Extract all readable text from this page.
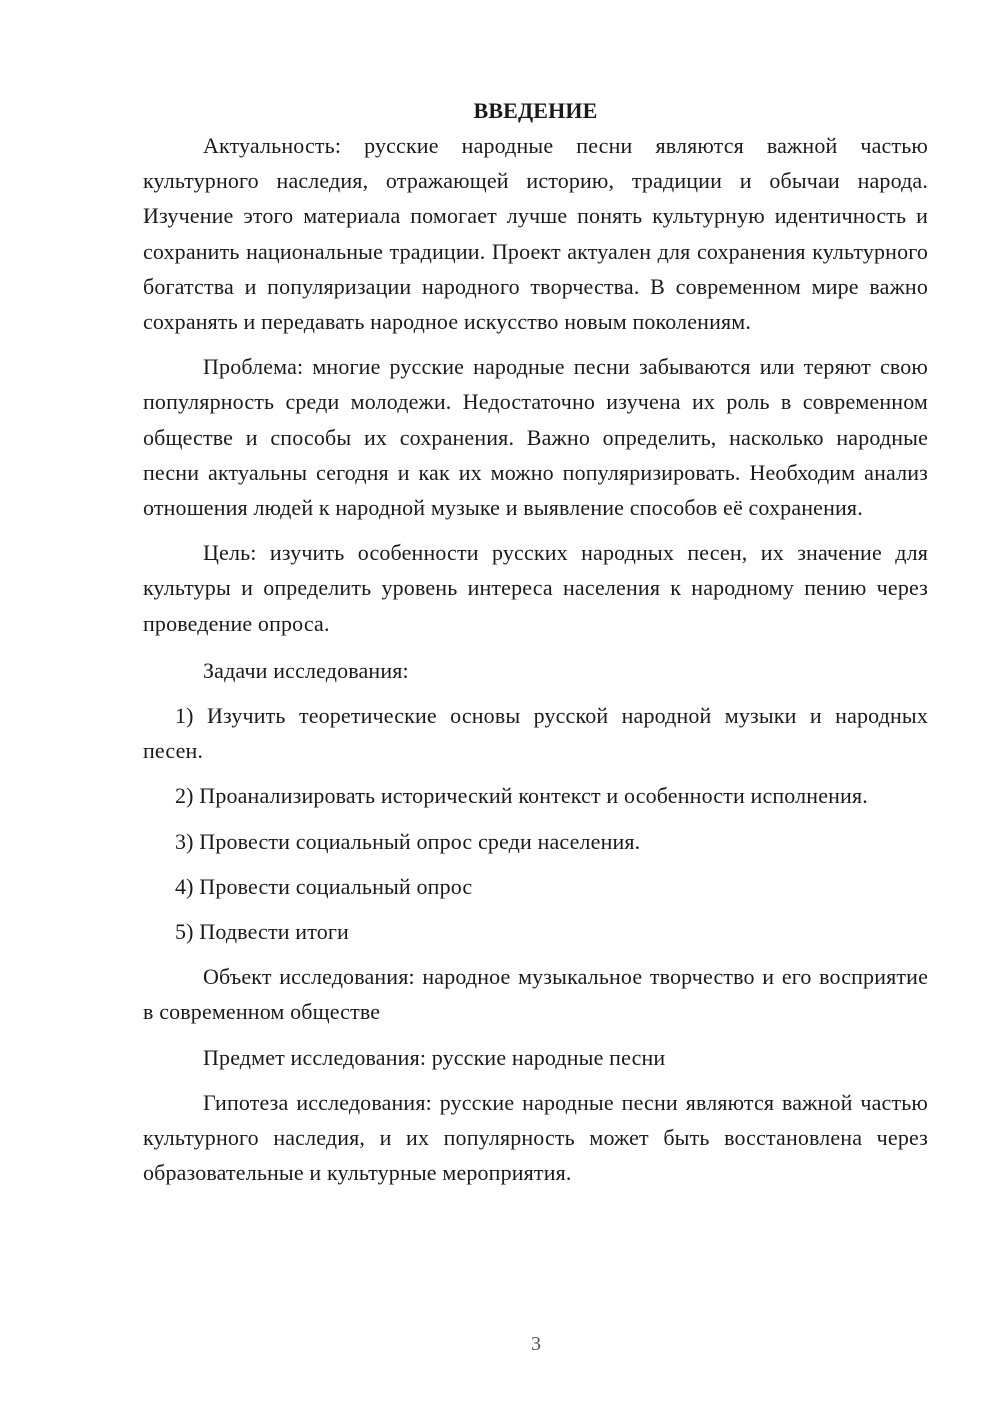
ВВЕДЕНИЕ

Актуальность: русские народные песни являются важной частью культурного наследия, отражающей историю, традиции и обычаи народа. Изучение этого материала помогает лучше понять культурную идентичность и сохранить национальные традиции. Проект актуален для сохранения культурного богатства и популяризации народного творчества. В современном мире важно сохранять и передавать народное искусство новым поколениям.

Проблема: многие русские народные песни забываются или теряют свою популярность среди молодежи. Недостаточно изучена их роль в современном обществе и способы их сохранения. Важно определить, насколько народные песни актуальны сегодня и как их можно популяризировать. Необходим анализ отношения людей к народной музыке и выявление способов её сохранения.

Цель: изучить особенности русских народных песен, их значение для культуры и определить уровень интереса населения к народному пению через проведение опроса.

Задачи исследования:

1) Изучить теоретические основы русской народной музыки и народных песен.

2) Проанализировать исторический контекст и особенности исполнения.

3) Провести социальный опрос среди населения.

4) Провести социальный опрос

5) Подвести итоги

Объект исследования: народное музыкальное творчество и его восприятие в современном обществе

Предмет исследования: русские народные песни

Гипотеза исследования: русские народные песни являются важной частью культурного наследия, и их популярность может быть восстановлена через образовательные и культурные мероприятия.

3
